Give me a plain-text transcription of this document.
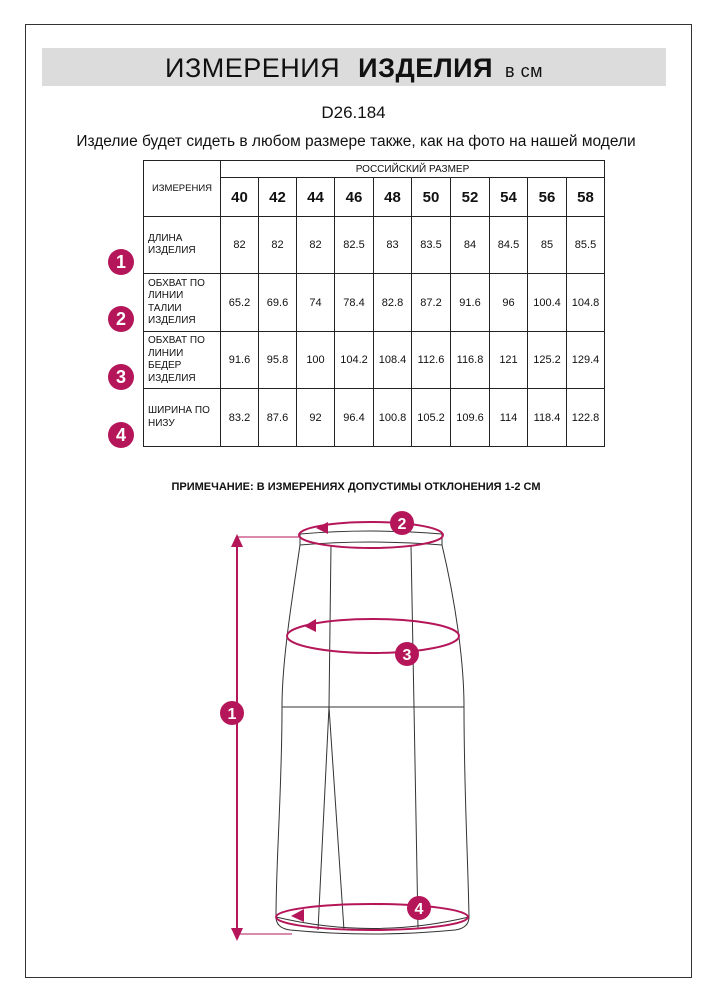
ИЗМЕРЕНИЯ ИЗДЕЛИЯ в см
D26.184
Изделие будет сидеть в любом размере также, как на фото на нашей модели
ИЗМЕРЕНИЯ	РОССИЙСКИЙ РАЗМЕР									
	40	42	44	46	48	50	52	54	56	58

ДЛИНА
ИЗДЕЛИЯ	82	82	82	82.5	83	83.5	84	84.5	85	85.5

ОБХВАТ ПО
ЛИНИИ
ТАЛИИ
ИЗДЕЛИЯ	65.2	69.6	74	78.4	82.8	87.2	91.6	96	100.4	104.8

ОБХВАТ ПО
ЛИНИИ
БЕДЕР
ИЗДЕЛИЯ	91.6	95.8	100	104.2	108.4	112.6	116.8	121	125.2	129.4

ШИРИНА ПО
НИЗУ	83.2	87.6	92	96.4	100.8	105.2	109.6	114	118.4	122.8
1
2
3
4
ПРИМЕЧАНИЕ: В ИЗМЕРЕНИЯХ ДОПУСТИМЫ ОТКЛОНЕНИЯ 1-2 СМ
1
2
3
4
